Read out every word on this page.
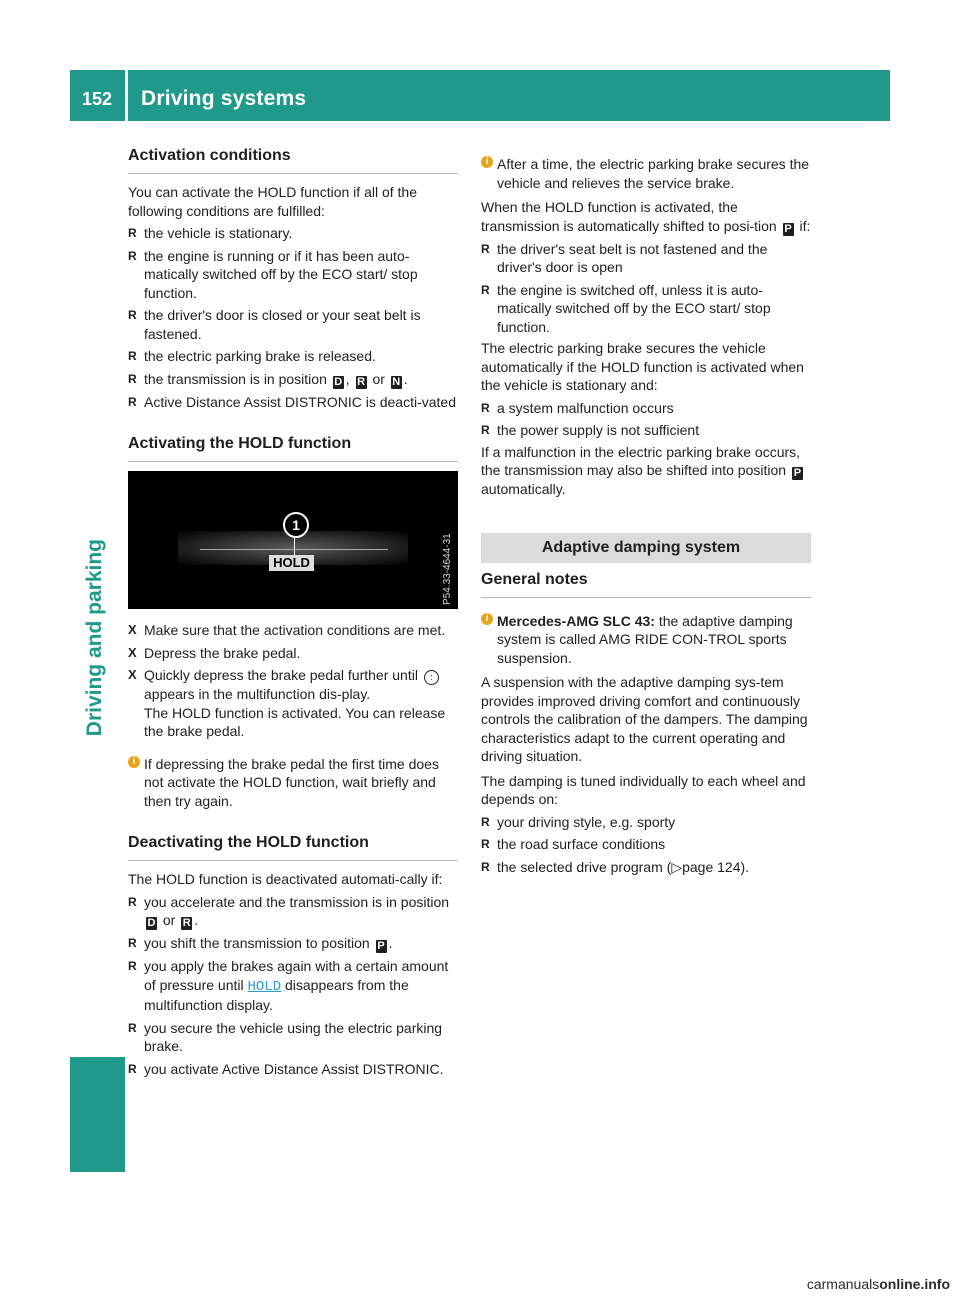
152 Driving systems
Driving and parking
Activation conditions

You can activate the HOLD function if all of the following conditions are fulfilled:

R the vehicle is stationary.
R the engine is running or if it has been auto-matically switched off by the ECO start/ stop function.
R the driver's door is closed or your seat belt is fastened.
R the electric parking brake is released.
R the transmission is in position D , R or N .
R Active Distance Assist DISTRONIC is deacti-vated
Activating the HOLD function
1
HOLD	P54.33-4644-31
X Make sure that the activation conditions are met.
X Depress the brake pedal.
X Quickly depress the brake pedal further until : appears in the multifunction dis-play.
The HOLD function is activated. You can release the brake pedal.
i If depressing the brake pedal the first time does not activate the HOLD function, wait briefly and then try again.
Deactivating the HOLD function

The HOLD function is deactivated automati-cally if:

R you accelerate and the transmission is in position D or R .
R you shift the transmission to position P .
R you apply the brakes again with a certain amount of pressure until HOLD disappears from the multifunction display.
R you secure the vehicle using the electric parking brake.
R you activate Active Distance Assist DISTRONIC.
i After a time, the electric parking brake secures the vehicle and relieves the service brake.

When the HOLD function is activated, the transmission is automatically shifted to posi-tion P if:

R the driver's seat belt is not fastened and the driver's door is open
R the engine is switched off, unless it is auto-matically switched off by the ECO start/ stop function.

The electric parking brake secures the vehicle automatically if the HOLD function is activated when the vehicle is stationary and:

R a system malfunction occurs
R the power supply is not sufficient

If a malfunction in the electric parking brake occurs, the transmission may also be shifted into position P automatically.

Adaptive damping system
General notes
i Mercedes-AMG SLC 43: the adaptive damping system is called AMG RIDE CON-TROL sports suspension.

A suspension with the adaptive damping sys-tem provides improved driving comfort and continuously controls the calibration of the dampers. The damping characteristics adapt to the current operating and driving situation.

The damping is tuned individually to each wheel and depends on:

R your driving style, e.g. sporty
R the road surface conditions
R the selected drive program (▷page 124).
carmanualsonline.info
